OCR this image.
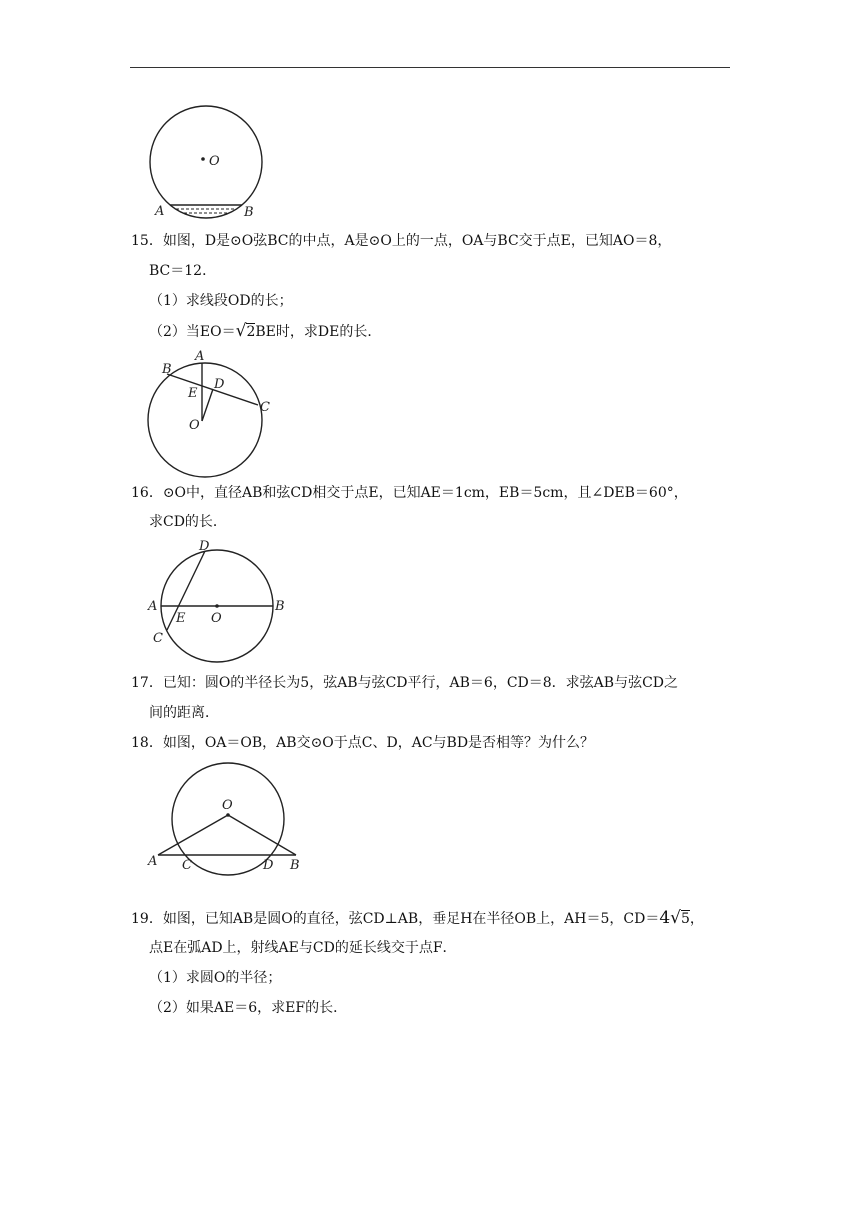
O
A	B
15．如图，D是⊙O弦BC的中点，A是⊙O上的一点，OA与BC交于点E，已知AO＝8，
BC＝12．
（1）求线段OD的长；
（2）当EO＝√2BE时，求DE的长．
A
B
C
D
E
O
16．⊙O中，直径AB和弦CD相交于点E，已知AE＝1cm，EB＝5cm，且∠DEB＝60°，
求CD的长．
D
A	B
E O
C
17．已知：圆O的半径长为5，弦AB与弦CD平行，AB＝6，CD＝8．求弦AB与弦CD之
间的距离．
18．如图，OA＝OB，AB交⊙O于点C、D，AC与BD是否相等？为什么？
O
A C	D B
19．如图，已知AB是圆O的直径，弦CD⊥AB，垂足H在半径OB上，AH＝5，CD＝4√5，
点E在弧AD上，射线AE与CD的延长线交于点F．
（1）求圆O的半径；
（2）如果AE＝6，求EF的长．
